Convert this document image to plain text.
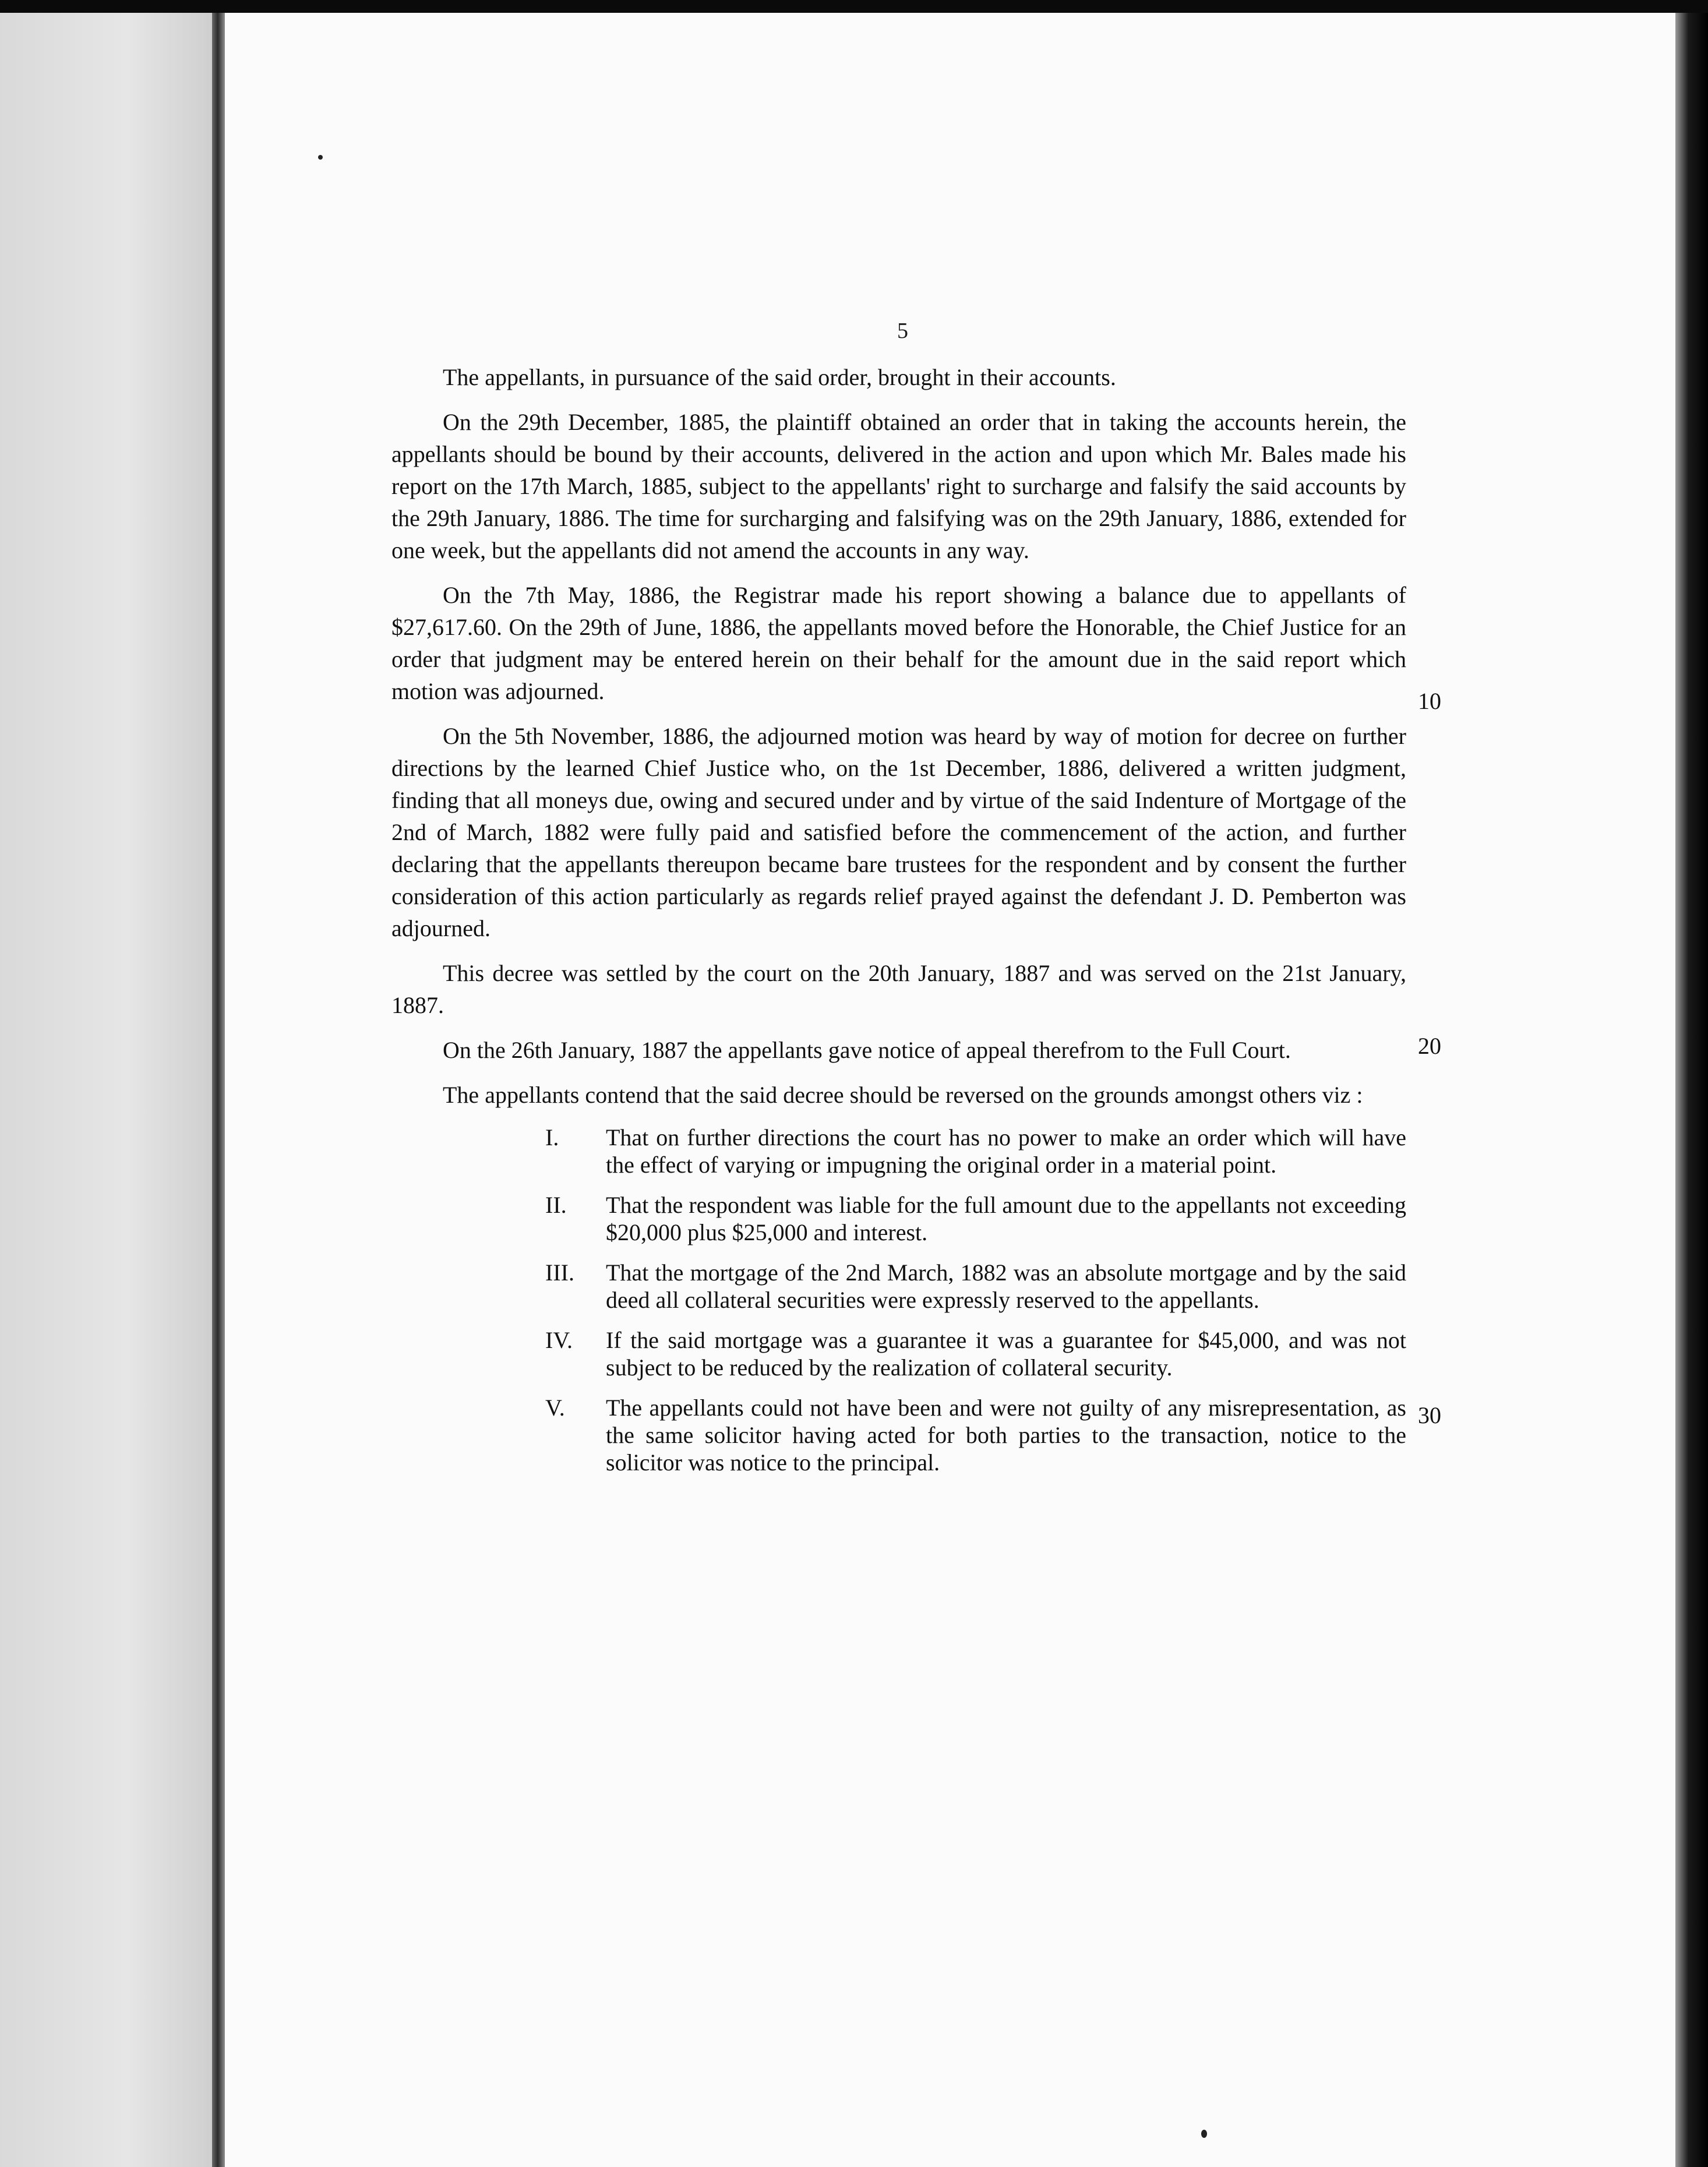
5

The appellants, in pursuance of the said order, brought in their accounts.

On the 29th December, 1885, the plaintiff obtained an order that in taking the accounts herein, the appellants should be bound by their accounts, delivered in the action and upon which Mr. Bales made his report on the 17th March, 1885, subject to the appellants' right to surcharge and falsify the said accounts by the 29th January, 1886. The time for surcharging and falsifying was on the 29th January, 1886, extended for one week, but the appellants did not amend the accounts in any way.

On the 7th May, 1886, the Registrar made his report showing a balance due to appellants of $27,617.60. On the 29th of June, 1886, the appellants moved before the Honorable, the Chief Justice for an order that judgment may be entered herein on their behalf for the amount due in the said report which motion was adjourned.

On the 5th November, 1886, the adjourned motion was heard by way of motion for decree on further directions by the learned Chief Justice who, on the 1st December, 1886, delivered a written judgment, finding that all moneys due, owing and secured under and by virtue of the said Indenture of Mortgage of the 2nd of March, 1882 were fully paid and satisfied before the commencement of the action, and further declaring that the appellants thereupon became bare trustees for the respondent and by consent the further consideration of this action particularly as regards relief prayed against the defendant J. D. Pemberton was adjourned.

This decree was settled by the court on the 20th January, 1887 and was served on the 21st January, 1887.

On the 26th January, 1887 the appellants gave notice of appeal therefrom to the Full Court.

The appellants contend that the said decree should be reversed on the grounds amongst others viz :

I. That on further directions the court has no power to make an order which will have the effect of varying or impugning the original order in a material point.
II. That the respondent was liable for the full amount due to the appellants not exceeding $20,000 plus $25,000 and interest.
III. That the mortgage of the 2nd March, 1882 was an absolute mortgage and by the said deed all collateral securities were expressly reserved to the appellants.
IV. If the said mortgage was a guarantee it was a guarantee for $45,000, and was not subject to be reduced by the realization of collateral security.
V. The appellants could not have been and were not guilty of any misrepresentation, as the same solicitor having acted for both parties to the transaction, notice to the solicitor was notice to the principal.
10
20
30
